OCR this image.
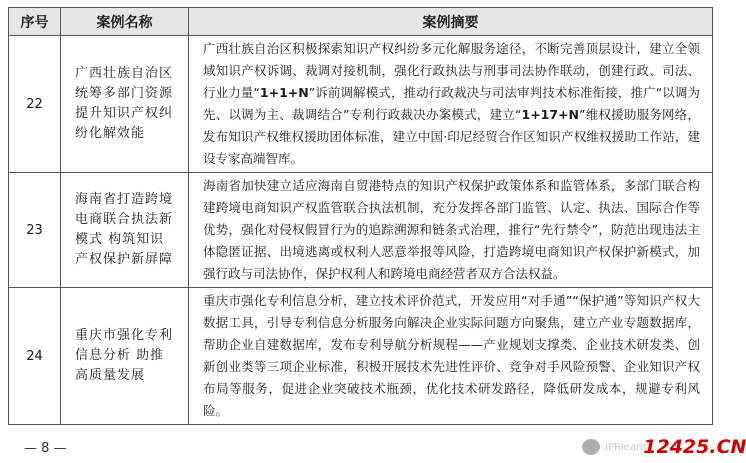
序号	案例名称	案例摘要
22	广西壮族自治区统筹多部门资源提升知识产权纠纷化解效能	广西壮族自治区积极探索知识产权纠纷多元化解服务途径，不断完善顶层设计，建立全领域知识产权诉调、裁调对接机制，强化行政执法与刑事司法协作联动，创建行政、司法、行业力量“1+1+N”诉前调解模式，推动行政裁决与司法审判技术标准衔接，推广“以调为先、以调为主、裁调结合”专利行政裁决办案模式，建立“1+17+N”维权援助服务网络，发布知识产权维权援助团体标准，建立中国·印尼经贸合作区知识产权维权援助工作站，建设专家高端智库。
23	海南省打造跨境电商联合执法新模式 构筑知识产权保护新屏障	海南省加快建立适应海南自贸港特点的知识产权保护政策体系和监管体系，多部门联合构建跨境电商知识产权监管联合执法机制，充分发挥各部门监管、认定、执法、国际合作等优势，强化对侵权假冒行为的追踪溯源和链条式治理，推行“先行禁令”，防范出现违法主体隐匿证据、出境逃离或权利人恶意举报等风险，打造跨境电商知识产权保护新模式，加强行政与司法协作，保护权利人和跨境电商经营者双方合法权益。
24	重庆市强化专利信息分析 助推高质量发展	重庆市强化专利信息分析，建立技术评价范式，开发应用“对手通”“保护通”等知识产权大数据工具，引导专利信息分析服务向解决企业实际问题方向聚焦，建立产业专题数据库，帮助企业自建数据库，发布专利导航分析规程——产业规划支撑类、企业技术研发类、创新创业类等三项企业标准，积极开展技术先进性评价、竞争对手风险预警、企业知识产权布局等服务，促进企业突破技术瓶颈，优化技术研发路径，降低研发成本，规避专利风险。
— 8 —	IPRlearn
12425.CN
